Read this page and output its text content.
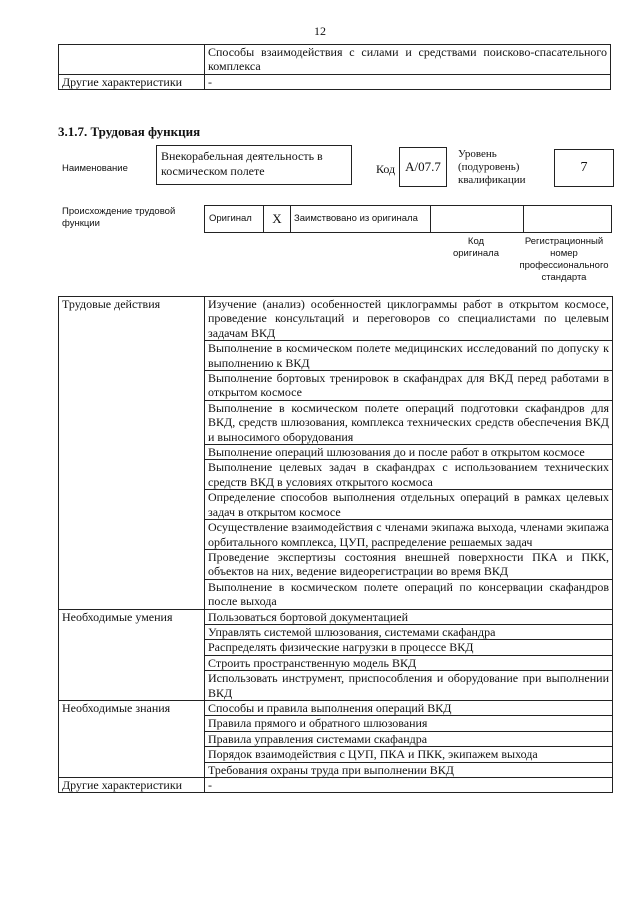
12
	Способы взаимодействия с силами и средствами поисково-спасательного комплекса
Другие характеристики	-
3.1.7. Трудовая функция
Наименование
Внекорабельная деятельность в космическом полете	Код А/07.7
Уровень (подуровень) квалификации
7
Происхождение трудовой функции	Оригинал	X	Заимствовано из оригинала
Код оригинала
Регистрационный номер профессионального стандарта
Трудовые действия	Изучение (анализ) особенностей циклограммы работ в открытом космосе, проведение консультаций и переговоров со специалистами по целевым задачам ВКД
	Выполнение в космическом полете медицинских исследований по допуску к выполнению к ВКД
	Выполнение бортовых тренировок в скафандрах для ВКД перед работами в открытом космосе
	Выполнение в космическом полете операций подготовки скафандров для ВКД, средств шлюзования, комплекса технических средств обеспечения ВКД и выносимого оборудования
	Выполнение операций шлюзования до и после работ в открытом космосе
	Выполнение целевых задач в скафандрах с использованием технических средств ВКД в условиях открытого космоса
	Определение способов выполнения отдельных операций в рамках целевых задач в открытом космосе
	Осуществление взаимодействия с членами экипажа выхода, членами экипажа орбитального комплекса, ЦУП, распределение решаемых задач
	Проведение экспертизы состояния внешней поверхности ПКА и ПКК, объектов на них, ведение видеорегистрации во время ВКД
	Выполнение в космическом полете операций по консервации скафандров после выхода
Необходимые умения	Пользоваться бортовой документацией
	Управлять системой шлюзования, системами скафандра
	Распределять физические нагрузки в процессе ВКД
	Строить пространственную модель ВКД
	Использовать инструмент, приспособления и оборудование при выполнении ВКД
Необходимые знания	Способы и правила выполнения операций ВКД
	Правила прямого и обратного шлюзования
	Правила управления системами скафандра
	Порядок взаимодействия с ЦУП, ПКА и ПКК, экипажем выхода
	Требования охраны труда при выполнении ВКД
Другие характеристики	-
